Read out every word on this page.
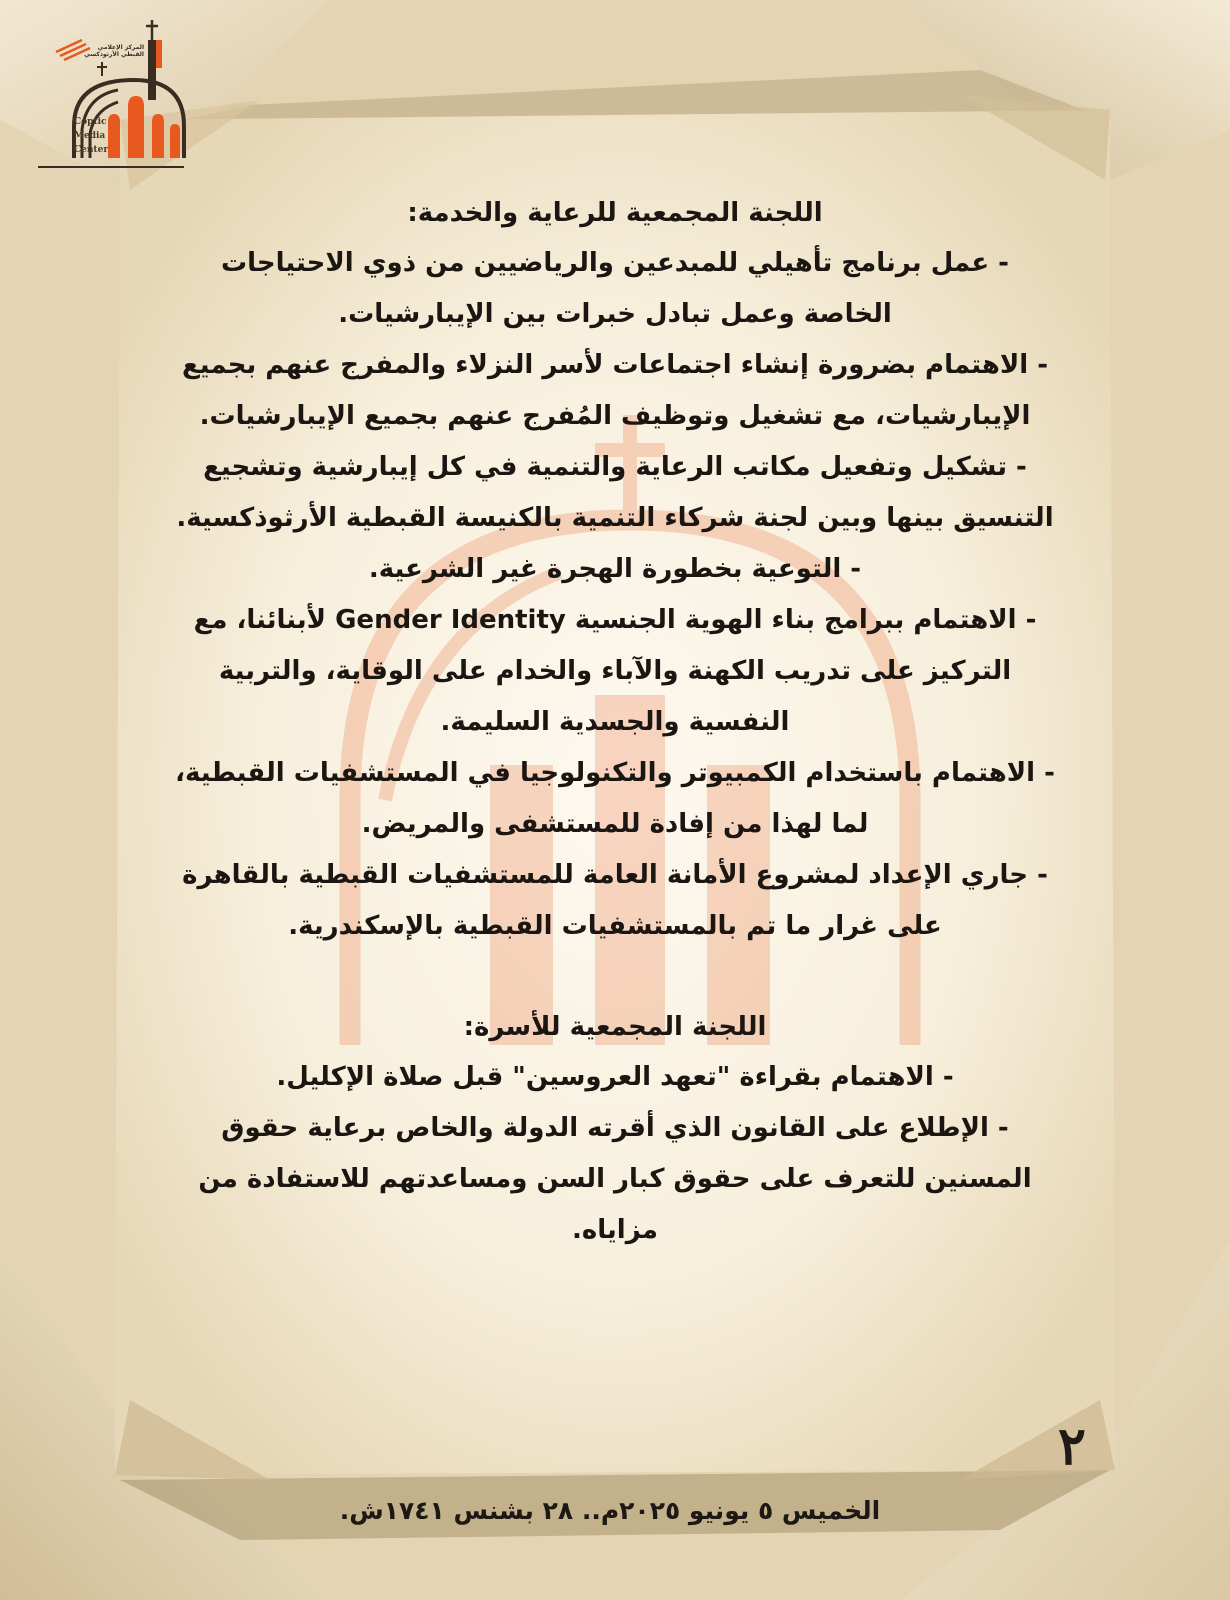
المركز الإعلامي القبطي الأرثوذكسي
Coptic
Media
Center

اللجنة المجمعية للرعاية والخدمة:

- عمل برنامج تأهيلي للمبدعين والرياضيين من ذوي الاحتياجات الخاصة وعمل تبادل خبرات بين الإيبارشيات.

- الاهتمام بضرورة إنشاء اجتماعات لأسر النزلاء والمفرج عنهم بجميع الإيبارشيات، مع تشغيل وتوظيف المُفرج عنهم بجميع الإيبارشيات.

- تشكيل وتفعيل مكاتب الرعاية والتنمية في كل إيبارشية وتشجيع التنسيق بينها وبين لجنة شركاء التنمية بالكنيسة القبطية الأرثوذكسية.

- التوعية بخطورة الهجرة غير الشرعية.

- الاهتمام ببرامج بناء الهوية الجنسية Gender Identity لأبنائنا، مع التركيز على تدريب الكهنة والآباء والخدام على الوقاية، والتربية النفسية والجسدية السليمة.

- الاهتمام باستخدام الكمبيوتر والتكنولوجيا في المستشفيات القبطية، لما لهذا من إفادة للمستشفى والمريض.

- جاري الإعداد لمشروع الأمانة العامة للمستشفيات القبطية بالقاهرة على غرار ما تم بالمستشفيات القبطية بالإسكندرية.

اللجنة المجمعية للأسرة:

- الاهتمام بقراءة "تعهد العروسين" قبل صلاة الإكليل.

- الإطلاع على القانون الذي أقرته الدولة والخاص برعاية حقوق المسنين للتعرف على حقوق كبار السن ومساعدتهم للاستفادة من مزاياه.

٢
الخميس ٥ يونيو ٢٠٢٥م.. ٢٨ بشنس ١٧٤١ش.
